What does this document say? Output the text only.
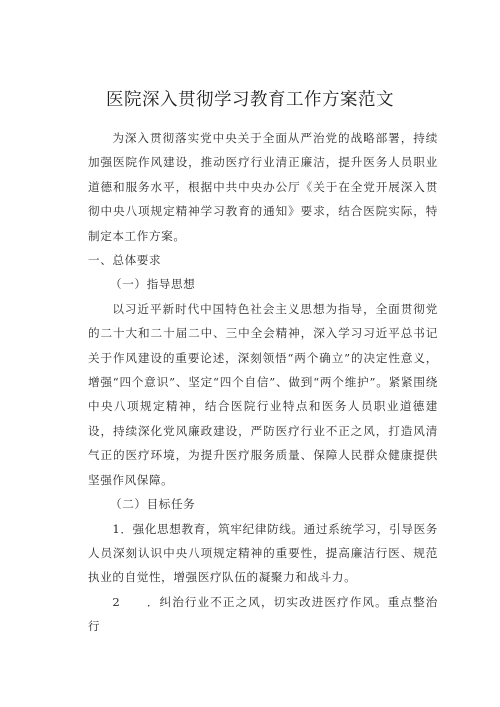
医院深入贯彻学习教育工作方案范文

为深入贯彻落实党中央关于全面从严治党的战略部署，持续加强医院作风建设，推动医疗行业清正廉洁，提升医务人员职业道德和服务水平，根据中共中央办公厅《关于在全党开展深入贯彻中央八项规定精神学习教育的通知》要求，结合医院实际，特制定本工作方案。

一、总体要求

（一）指导思想

以习近平新时代中国特色社会主义思想为指导，全面贯彻党的二十大和二十届二中、三中全会精神，深入学习习近平总书记关于作风建设的重要论述，深刻领悟“两个确立”的决定性意义，增强“四个意识”、坚定“四个自信”、做到“两个维护”。紧紧围绕中央八项规定精神，结合医院行业特点和医务人员职业道德建设，持续深化党风廉政建设，严防医疗行业不正之风，打造风清气正的医疗环境，为提升医疗服务质量、保障人民群众健康提供坚强作风保障。

（二）目标任务

1．强化思想教育，筑牢纪律防线。通过系统学习，引导医务人员深刻认识中央八项规定精神的重要性，提高廉洁行医、规范执业的自觉性，增强医疗队伍的凝聚力和战斗力。

2 ．纠治行业不正之风，切实改进医疗作风。重点整治行
